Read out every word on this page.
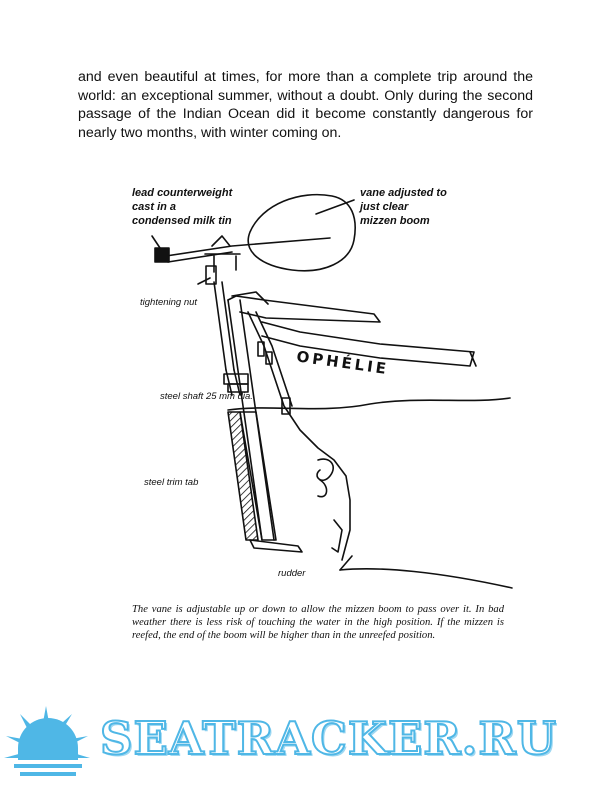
and even beautiful at times, for more than a complete trip around the world: an exceptional summer, without a doubt. Only during the second passage of the Indian Ocean did it become constantly dangerous for nearly two months, with winter coming on.

OPHÉLIE
lead counterweight
cast in a
condensed milk tin
vane adjusted to
just clear
mizzen boom
tightening nut
steel shaft 25 mm dia.
steel trim tab
rudder

The vane is adjustable up or down to allow the mizzen boom to pass over it. In bad weather there is less risk of touching the water in the high position. If the mizzen is reefed, the end of the boom will be higher than in the unreefed position.

SEATRACKER.RU
